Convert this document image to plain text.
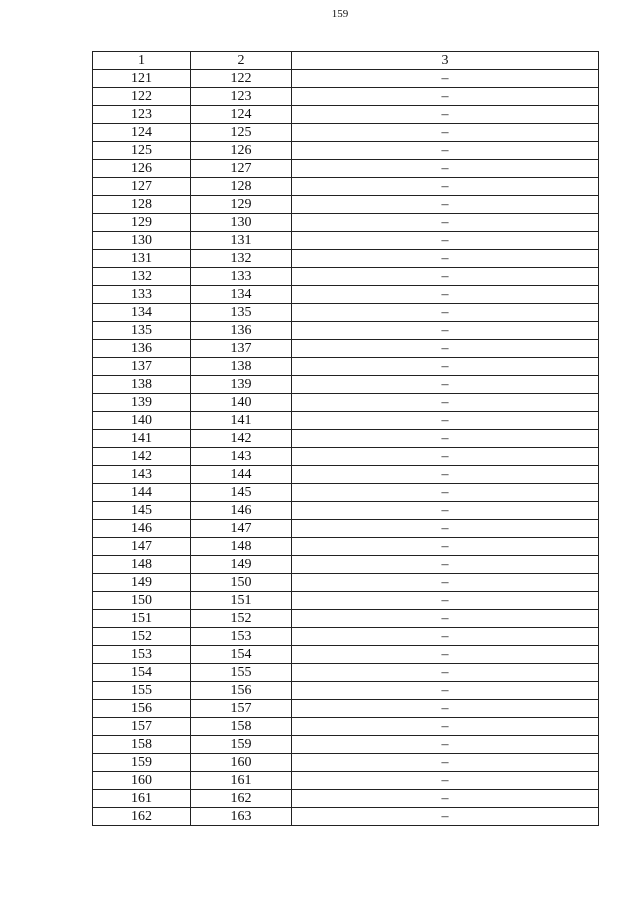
159
1	2	3
121	122	–
122	123	–
123	124	–
124	125	–
125	126	–
126	127	–
127	128	–
128	129	–
129	130	–
130	131	–
131	132	–
132	133	–
133	134	–
134	135	–
135	136	–
136	137	–
137	138	–
138	139	–
139	140	–
140	141	–
141	142	–
142	143	–
143	144	–
144	145	–
145	146	–
146	147	–
147	148	–
148	149	–
149	150	–
150	151	–
151	152	–
152	153	–
153	154	–
154	155	–
155	156	–
156	157	–
157	158	–
158	159	–
159	160	–
160	161	–
161	162	–
162	163	–
